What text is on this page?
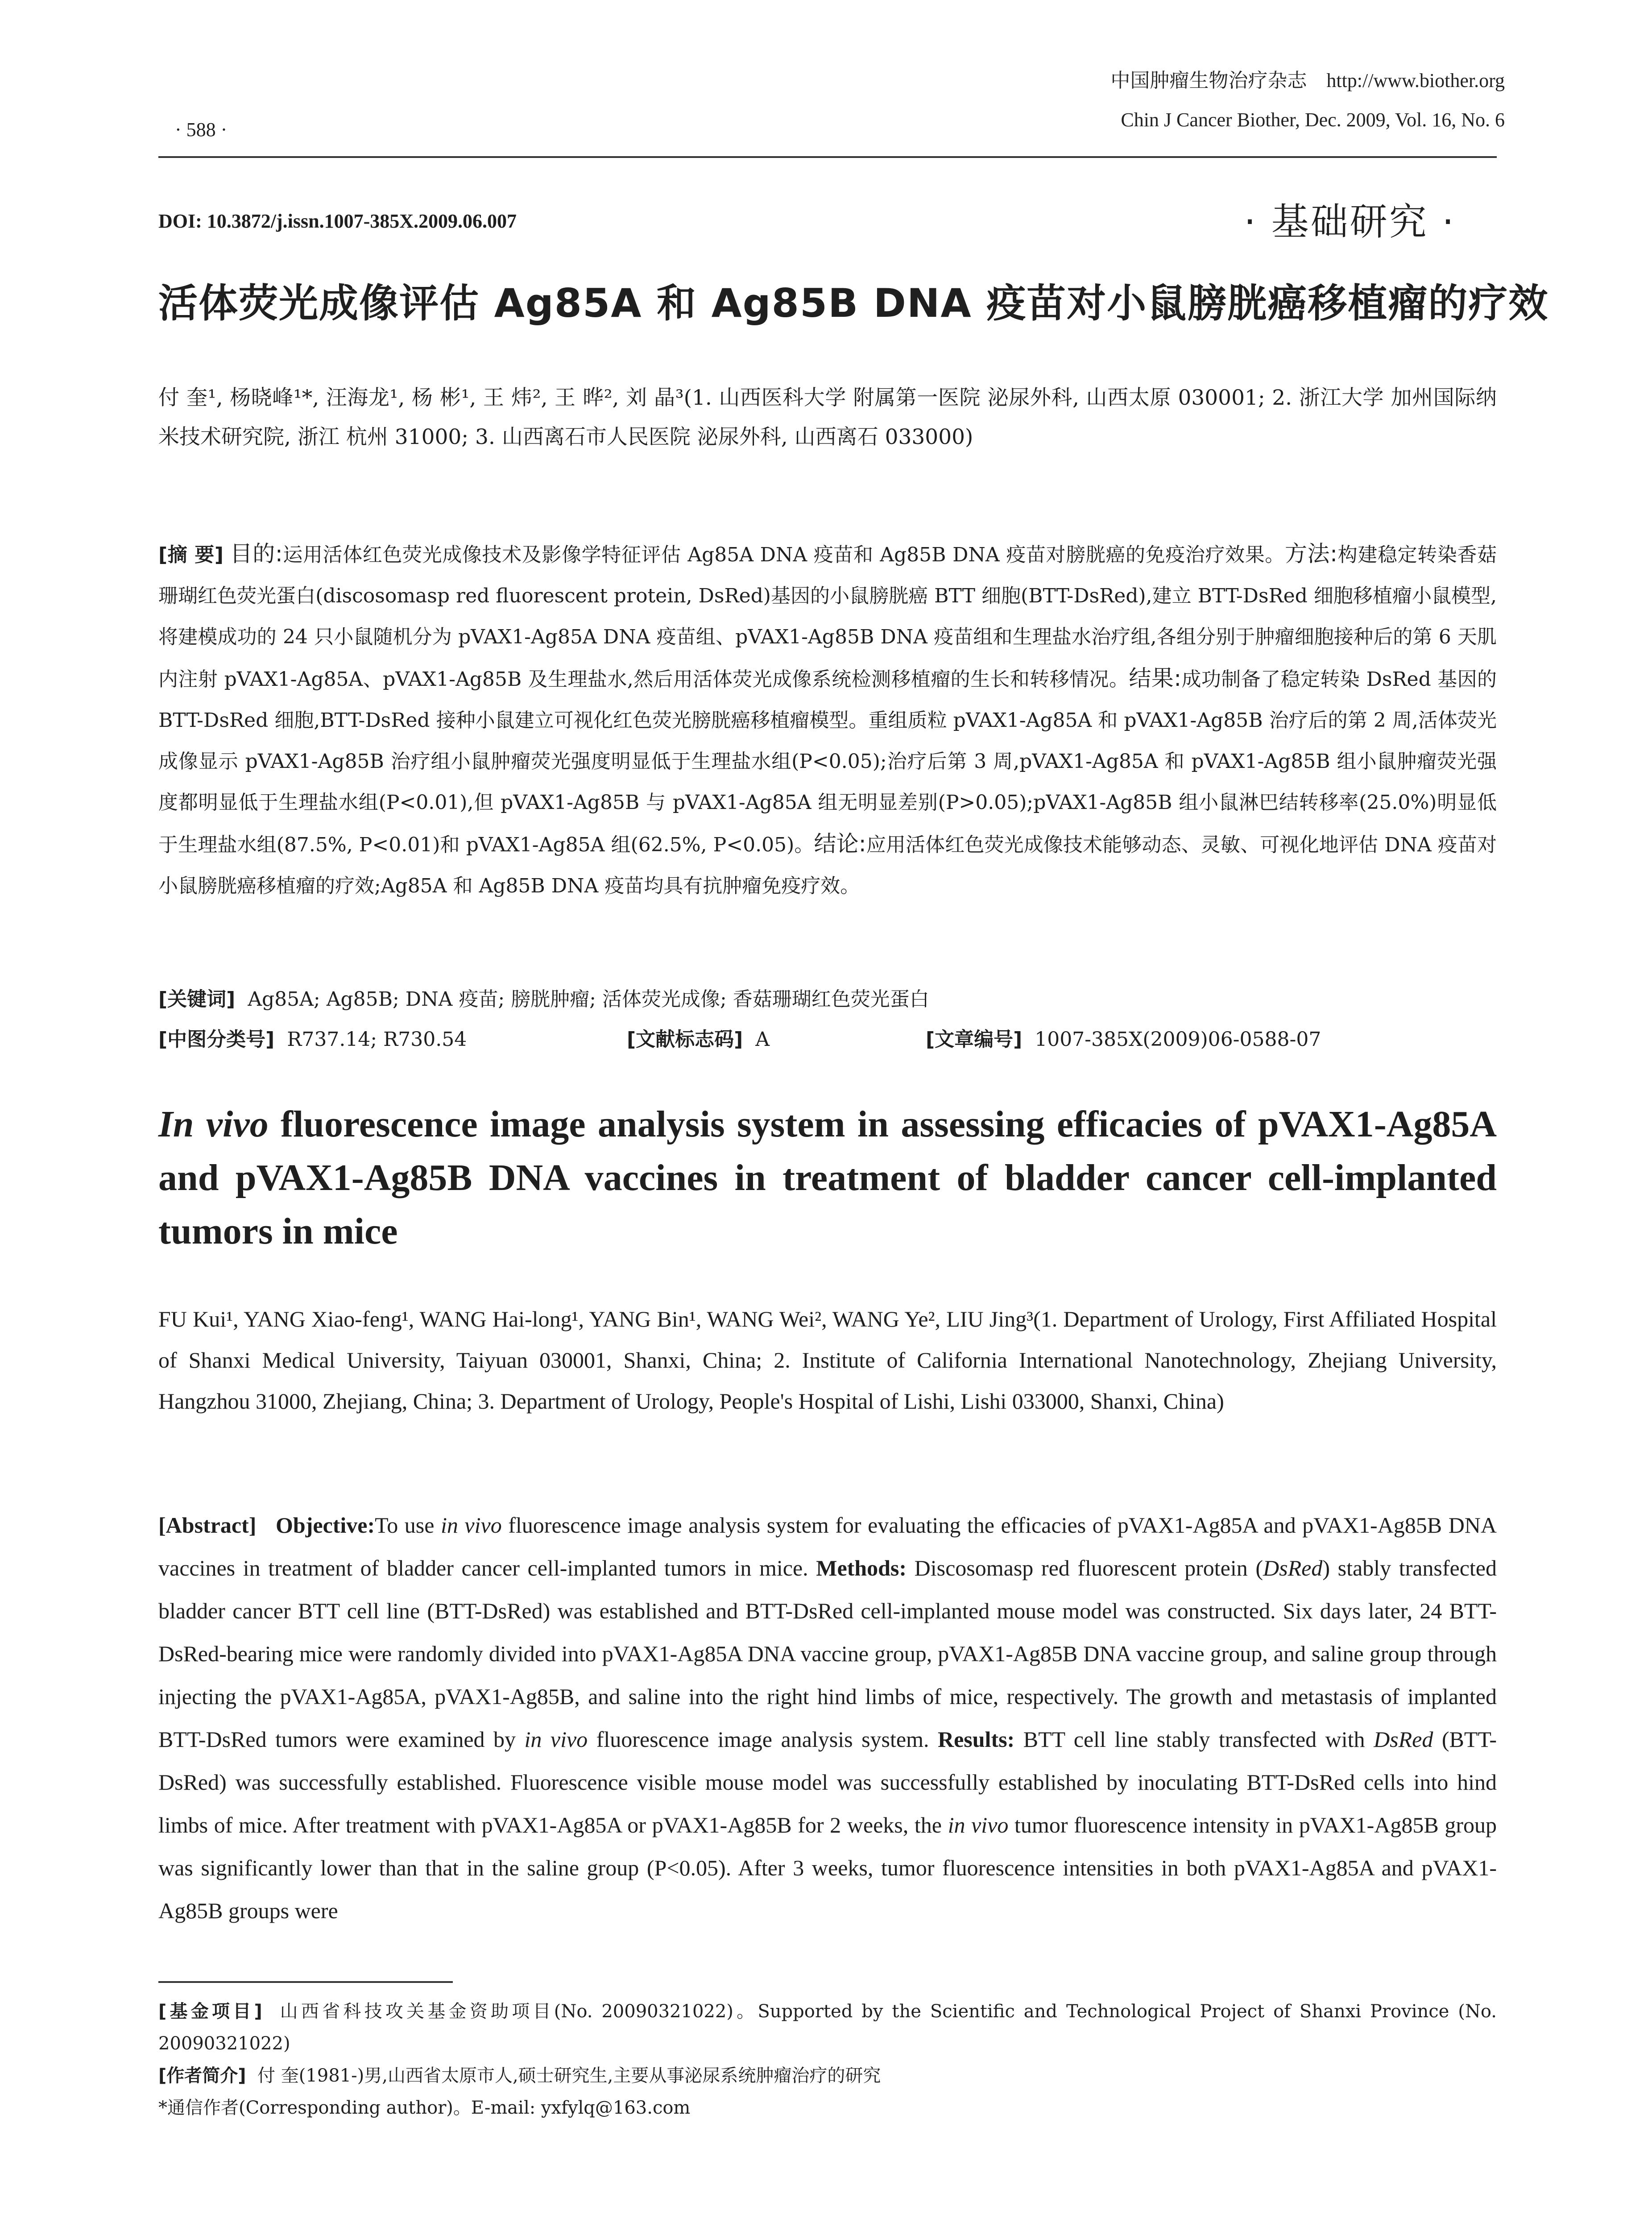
中国肿瘤生物治疗杂志 http://www.biother.org
Chin J Cancer Biother, Dec. 2009, Vol. 16, No. 6
· 588 ·
DOI: 10.3872/j.issn.1007-385X.2009.06.007	· 基础研究 ·
活体荧光成像评估 Ag85A 和 Ag85B DNA 疫苗对小鼠膀胱癌移植瘤的疗效
付 奎¹, 杨晓峰¹*, 汪海龙¹, 杨 彬¹, 王 炜², 王 晔², 刘 晶³(1. 山西医科大学 附属第一医院 泌尿外科, 山西太原 030001; 2. 浙江大学 加州国际纳米技术研究院, 浙江 杭州 31000; 3. 山西离石市人民医院 泌尿外科, 山西离石 033000)
[摘 要] 目的:运用活体红色荧光成像技术及影像学特征评估 Ag85A DNA 疫苗和 Ag85B DNA 疫苗对膀胱癌的免疫治疗效果。方法:构建稳定转染香菇珊瑚红色荧光蛋白(discosomasp red fluorescent protein, DsRed)基因的小鼠膀胱癌 BTT 细胞(BTT-DsRed),建立 BTT-DsRed 细胞移植瘤小鼠模型,将建模成功的 24 只小鼠随机分为 pVAX1-Ag85A DNA 疫苗组、pVAX1-Ag85B DNA 疫苗组和生理盐水治疗组,各组分别于肿瘤细胞接种后的第 6 天肌内注射 pVAX1-Ag85A、pVAX1-Ag85B 及生理盐水,然后用活体荧光成像系统检测移植瘤的生长和转移情况。结果:成功制备了稳定转染 DsRed 基因的 BTT-DsRed 细胞,BTT-DsRed 接种小鼠建立可视化红色荧光膀胱癌移植瘤模型。重组质粒 pVAX1-Ag85A 和 pVAX1-Ag85B 治疗后的第 2 周,活体荧光成像显示 pVAX1-Ag85B 治疗组小鼠肿瘤荧光强度明显低于生理盐水组(P<0.05);治疗后第 3 周,pVAX1-Ag85A 和 pVAX1-Ag85B 组小鼠肿瘤荧光强度都明显低于生理盐水组(P<0.01),但 pVAX1-Ag85B 与 pVAX1-Ag85A 组无明显差别(P>0.05);pVAX1-Ag85B 组小鼠淋巴结转移率(25.0%)明显低于生理盐水组(87.5%, P<0.01)和 pVAX1-Ag85A 组(62.5%, P<0.05)。结论:应用活体红色荧光成像技术能够动态、灵敏、可视化地评估 DNA 疫苗对小鼠膀胱癌移植瘤的疗效;Ag85A 和 Ag85B DNA 疫苗均具有抗肿瘤免疫疗效。
[关键词] Ag85A; Ag85B; DNA 疫苗; 膀胱肿瘤; 活体荧光成像; 香菇珊瑚红色荧光蛋白
[中图分类号] R737.14; R730.54	[文献标志码] A	[文章编号] 1007-385X(2009)06-0588-07
In vivo fluorescence image analysis system in assessing efficacies of pVAX1-Ag85A and pVAX1-Ag85B DNA vaccines in treatment of bladder cancer cell-implanted tumors in mice
FU Kui¹, YANG Xiao-feng¹, WANG Hai-long¹, YANG Bin¹, WANG Wei², WANG Ye², LIU Jing³(1. Department of Urology, First Affiliated Hospital of Shanxi Medical University, Taiyuan 030001, Shanxi, China; 2. Institute of California International Nanotechnology, Zhejiang University, Hangzhou 31000, Zhejiang, China; 3. Department of Urology, People's Hospital of Lishi, Lishi 033000, Shanxi, China)
[Abstract] Objective:To use in vivo fluorescence image analysis system for evaluating the efficacies of pVAX1-Ag85A and pVAX1-Ag85B DNA vaccines in treatment of bladder cancer cell-implanted tumors in mice. Methods: Discosomasp red fluorescent protein (DsRed) stably transfected bladder cancer BTT cell line (BTT-DsRed) was established and BTT-DsRed cell-implanted mouse model was constructed. Six days later, 24 BTT-DsRed-bearing mice were randomly divided into pVAX1-Ag85A DNA vaccine group, pVAX1-Ag85B DNA vaccine group, and saline group through injecting the pVAX1-Ag85A, pVAX1-Ag85B, and saline into the right hind limbs of mice, respectively. The growth and metastasis of implanted BTT-DsRed tumors were examined by in vivo fluorescence image analysis system. Results: BTT cell line stably transfected with DsRed (BTT-DsRed) was successfully established. Fluorescence visible mouse model was successfully established by inoculating BTT-DsRed cells into hind limbs of mice. After treatment with pVAX1-Ag85A or pVAX1-Ag85B for 2 weeks, the in vivo tumor fluorescence intensity in pVAX1-Ag85B group was significantly lower than that in the saline group (P<0.05). After 3 weeks, tumor fluorescence intensities in both pVAX1-Ag85A and pVAX1-Ag85B groups were

[基金项目] 山西省科技攻关基金资助项目(No. 20090321022)。Supported by the Scientific and Technological Project of Shanxi Province (No. 20090321022)

[作者简介] 付 奎(1981-)男,山西省太原市人,硕士研究生,主要从事泌尿系统肿瘤治疗的研究

*通信作者(Corresponding author)。E-mail: yxfylq@163.com
